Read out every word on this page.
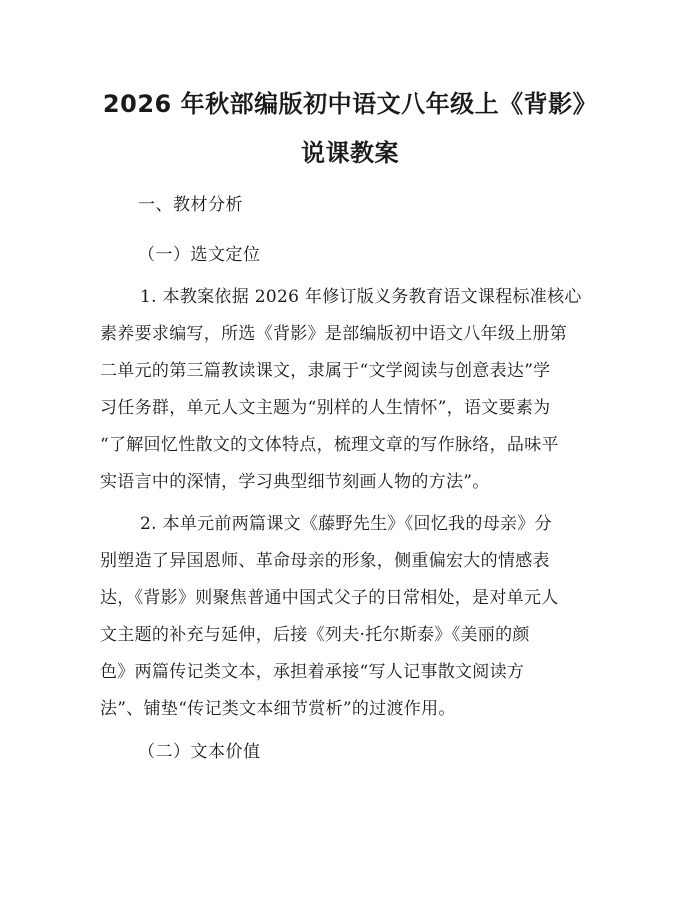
2026 年秋部编版初中语文八年级上《背影》
说课教案
一、教材分析
（一）选文定位
1. 本教案依据 2026 年修订版义务教育语文课程标准核心
素养要求编写，所选《背影》是部编版初中语文八年级上册第
二单元的第三篇教读课文，隶属于“文学阅读与创意表达”学
习任务群，单元人文主题为“别样的人生情怀”，语文要素为
“了解回忆性散文的文体特点，梳理文章的写作脉络，品味平
实语言中的深情，学习典型细节刻画人物的方法”。
2. 本单元前两篇课文《藤野先生》《回忆我的母亲》分
别塑造了异国恩师、革命母亲的形象，侧重偏宏大的情感表
达，《背影》则聚焦普通中国式父子的日常相处，是对单元人
文主题的补充与延伸，后接《列夫·托尔斯泰》《美丽的颜
色》两篇传记类文本，承担着承接“写人记事散文阅读方
法”、铺垫“传记类文本细节赏析”的过渡作用。
（二）文本价值
